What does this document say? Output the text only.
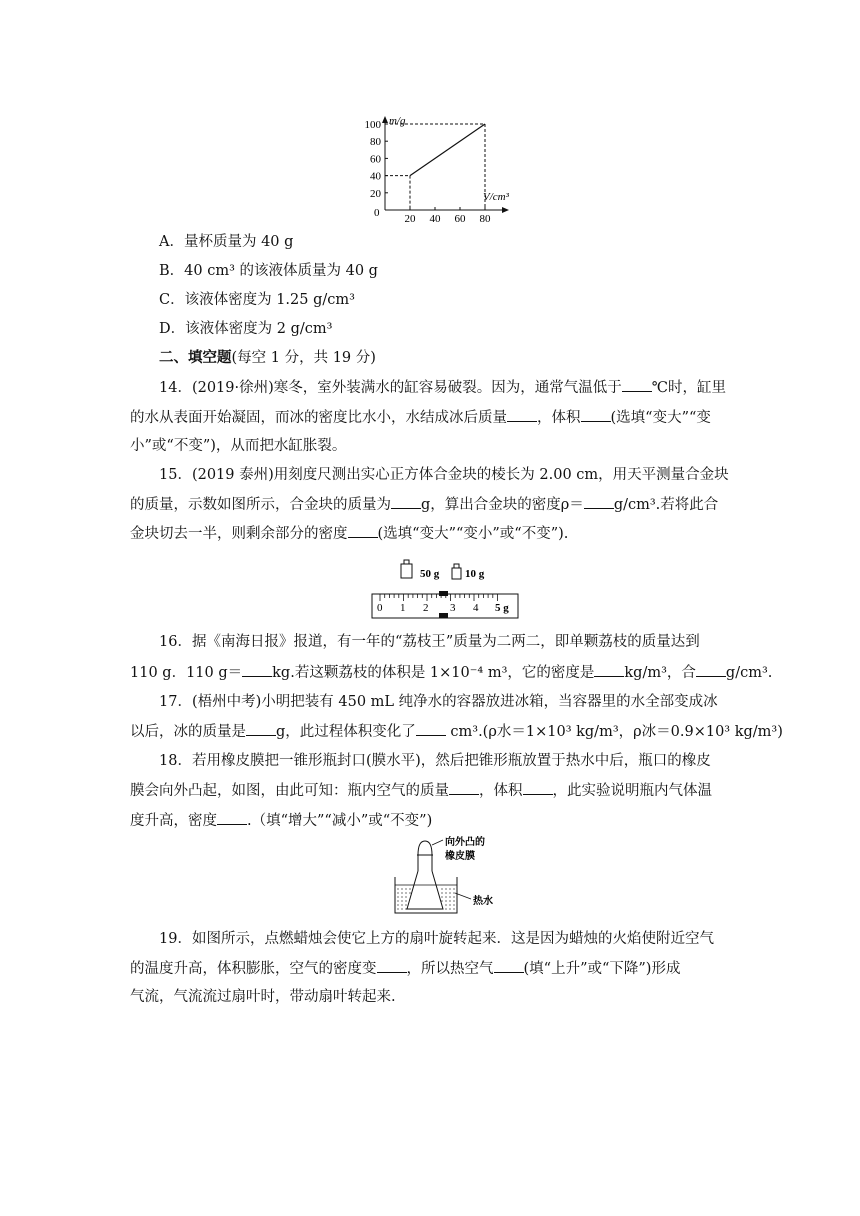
m/g
V/cm³
0
100
80
60
40
20
20 40 60 80
A．量杯质量为 40 g
B．40 cm³ 的该液体质量为 40 g
C．该液体密度为 1.25 g/cm³
D．该液体密度为 2 g/cm³
二、填空题(每空 1 分，共 19 分)
14．(2019·徐州)寒冬，室外装满水的缸容易破裂。因为，通常气温低于 ℃时，缸里
的水从表面开始凝固，而冰的密度比水小，水结成冰后质量 ，体积 (选填“变大”“变
小”或“不变”)，从而把水缸胀裂。
15．(2019 泰州)用刻度尺测出实心正方体合金块的棱长为 2.00 cm，用天平测量合金块
的质量，示数如图所示，合金块的质量为 g，算出合金块的密度ρ＝ g/cm³.若将此合
金块切去一半，则剩余部分的密度 (选填“变大”“变小”或“不变”).
50 g 10 g
0 1 2 3 4 5 g
16．据《南海日报》报道，有一年的“荔枝王”质量为二两二，即单颗荔枝的质量达到
110 g．110 g＝ kg.若这颗荔枝的体积是 1×10⁻⁴ m³，它的密度是 kg/m³，合 g/cm³.
17．(梧州中考)小明把装有 450 mL 纯净水的容器放进冰箱，当容器里的水全部变成冰
以后，冰的质量是 g，此过程体积变化了 cm³.(ρ水＝1×10³ kg/m³，ρ冰＝0.9×10³ kg/m³)
18．若用橡皮膜把一锥形瓶封口(膜水平)，然后把锥形瓶放置于热水中后，瓶口的橡皮
膜会向外凸起，如图，由此可知：瓶内空气的质量 ，体积 ，此实验说明瓶内气体温
度升高，密度 .（填“增大”“减小”或“不变”)
向外凸的
橡皮膜
热水
19．如图所示，点燃蜡烛会使它上方的扇叶旋转起来．这是因为蜡烛的火焰使附近空气
的温度升高，体积膨胀，空气的密度变 ，所以热空气 (填“上升”或“下降”)形成
气流，气流流过扇叶时，带动扇叶转起来.
